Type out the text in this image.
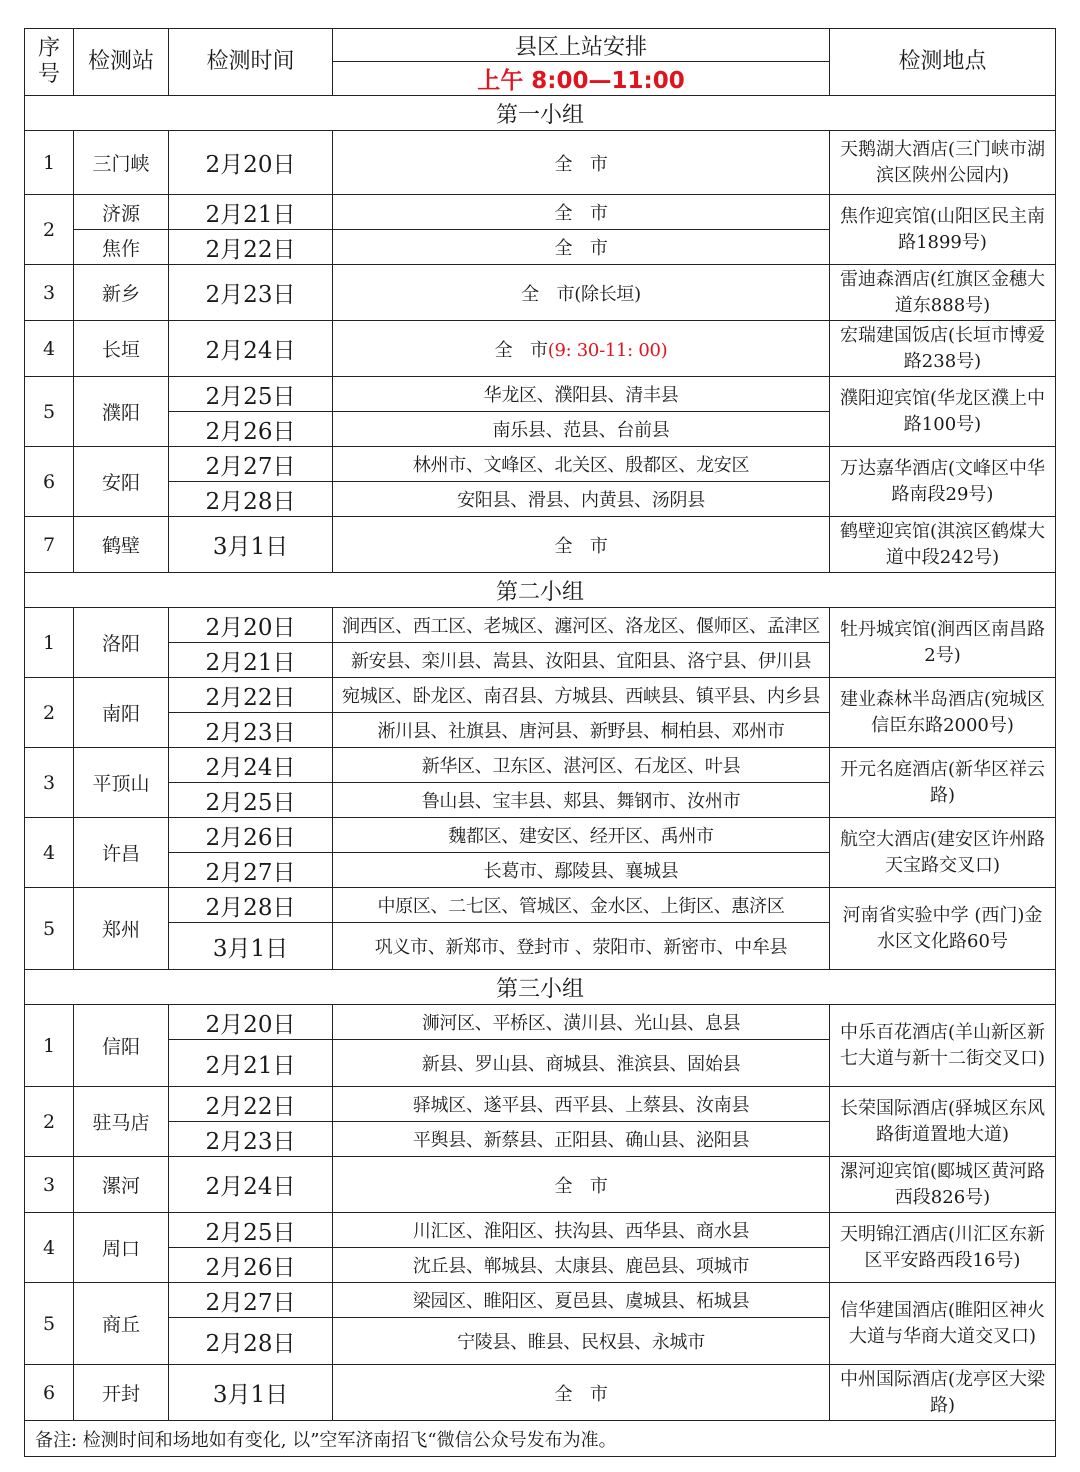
序号	检测站	检测时间	县区上站安排	检测地点
			上午 8:00—11:00	
第一小组				
1	三门峡	2月20日	全　市	天鹅湖大酒店(三门峡市湖滨区陕州公园内)
2	济源	2月21日	全　市	焦作迎宾馆(山阳区民主南路1899号)
	焦作	2月22日	全　市	
3	新乡	2月23日	全　市(除长垣)	雷迪森酒店(红旗区金穗大道东888号)
4	长垣	2月24日	全　市(9: 30-11: 00)	宏瑞建国饭店(长垣市博爱路238号)
5	濮阳	2月25日	华龙区、濮阳县、清丰县	濮阳迎宾馆(华龙区濮上中路100号)
		2月26日	南乐县、范县、台前县	
6	安阳	2月27日	林州市、文峰区、北关区、殷都区、龙安区	万达嘉华酒店(文峰区中华路南段29号)
		2月28日	安阳县、滑县、内黄县、汤阴县	
7	鹤壁	3月1日	全　市	鹤壁迎宾馆(淇滨区鹤煤大道中段242号)
第二小组				
1	洛阳	2月20日	涧西区、西工区、老城区、瀍河区、洛龙区、偃师区、孟津区	牡丹城宾馆(涧西区南昌路2号)
		2月21日	新安县、栾川县、嵩县、汝阳县、宜阳县、洛宁县、伊川县	
2	南阳	2月22日	宛城区、卧龙区、南召县、方城县、西峡县、镇平县、内乡县	建业森林半岛酒店(宛城区信臣东路2000号)
		2月23日	淅川县、社旗县、唐河县、新野县、桐柏县、邓州市	
3	平顶山	2月24日	新华区、卫东区、湛河区、石龙区、叶县	开元名庭酒店(新华区祥云路)
		2月25日	鲁山县、宝丰县、郏县、舞钢市、汝州市	
4	许昌	2月26日	魏都区、建安区、经开区、禹州市	航空大酒店(建安区许州路天宝路交叉口)
		2月27日	长葛市、鄢陵县、襄城县	
5	郑州	2月28日	中原区、二七区、管城区、金水区、上街区、惠济区	河南省实验中学 (西门)金水区文化路60号
		3月1日	巩义市、新郑市、登封市 、荥阳市、新密市、中牟县	
第三小组				
1	信阳	2月20日	浉河区、平桥区、潢川县、光山县、息县	中乐百花酒店(羊山新区新七大道与新十二街交叉口)
		2月21日	新县、罗山县、商城县、淮滨县、固始县	
2	驻马店	2月22日	驿城区、遂平县、西平县、上蔡县、汝南县	长荣国际酒店(驿城区东风路街道置地大道)
		2月23日	平舆县、新蔡县、正阳县、确山县、泌阳县	
3	漯河	2月24日	全　市	漯河迎宾馆(郾城区黄河路西段826号)
4	周口	2月25日	川汇区、淮阳区、扶沟县、西华县、商水县	天明锦江酒店(川汇区东新区平安路西段16号)
		2月26日	沈丘县、郸城县、太康县、鹿邑县、项城市	
5	商丘	2月27日	梁园区、睢阳区、夏邑县、虞城县、柘城县	信华建国酒店(睢阳区神火大道与华商大道交叉口)
		2月28日	宁陵县、睢县、民权县、永城市	
6	开封	3月1日	全　市	中州国际酒店(龙亭区大梁路)
备注: 检测时间和场地如有变化, 以”空军济南招飞“微信公众号发布为准。				
